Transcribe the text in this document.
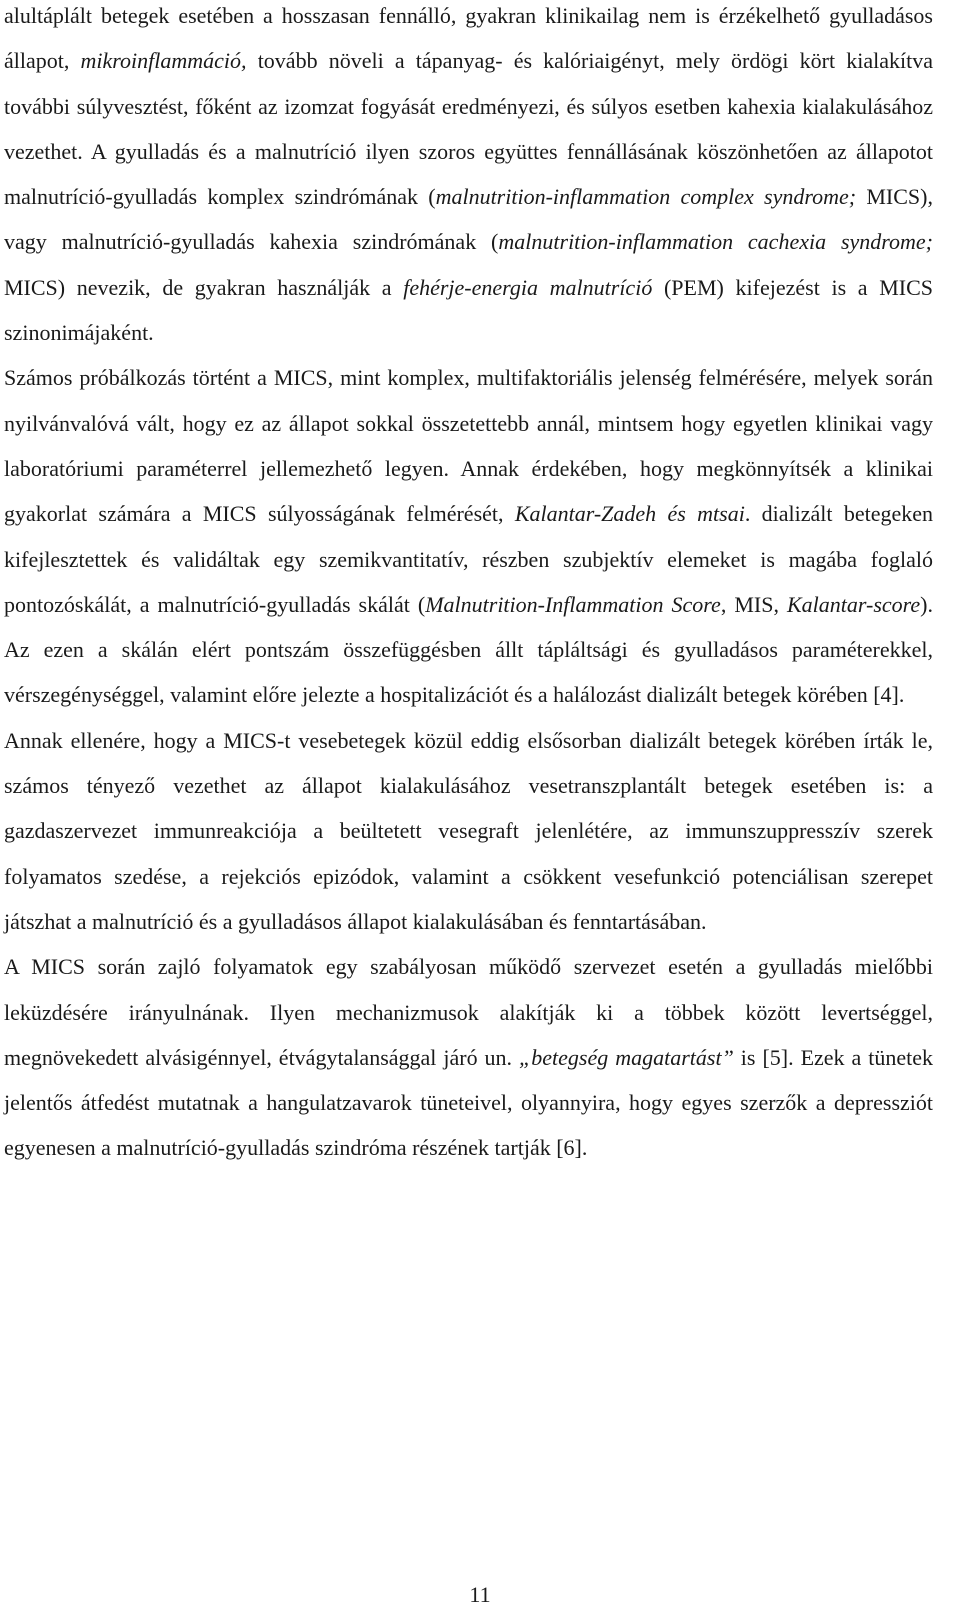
alultáplált betegek esetében a hosszasan fennálló, gyakran klinikailag nem is érzékelhető gyulladásos állapot, mikroinflammáció, tovább növeli a tápanyag- és kalóriaigényt, mely ördögi kört kialakítva további súlyvesztést, főként az izomzat fogyását eredményezi, és súlyos esetben kahexia kialakulásához vezethet. A gyulladás és a malnutríció ilyen szoros együttes fennállásának köszönhetően az állapotot malnutríció-gyulladás komplex szindrómának (malnutrition-inflammation complex syndrome; MICS), vagy malnutríció-gyulladás kahexia szindrómának (malnutrition-inflammation cachexia syndrome; MICS) nevezik, de gyakran használják a fehérje-energia malnutríció (PEM) kifejezést is a MICS szinonimájaként.

Számos próbálkozás történt a MICS, mint komplex, multifaktoriális jelenség felmérésére, melyek során nyilvánvalóvá vált, hogy ez az állapot sokkal összetettebb annál, mintsem hogy egyetlen klinikai vagy laboratóriumi paraméterrel jellemezhető legyen. Annak érdekében, hogy megkönnyítsék a klinikai gyakorlat számára a MICS súlyosságának felmérését, Kalantar-Zadeh és mtsai. dializált betegeken kifejlesztettek és validáltak egy szemikvantitatív, részben szubjektív elemeket is magába foglaló pontozóskálát, a malnutríció-gyulladás skálát (Malnutrition-Inflammation Score, MIS, Kalantar-score). Az ezen a skálán elért pontszám összefüggésben állt tápláltsági és gyulladásos paraméterekkel, vérszegénységgel, valamint előre jelezte a hospitalizációt és a halálozást dializált betegek körében [4].

Annak ellenére, hogy a MICS-t vesebetegek közül eddig elsősorban dializált betegek körében írták le, számos tényező vezethet az állapot kialakulásához vesetranszplantált betegek esetében is: a gazdaszervezet immunreakciója a beültetett vesegraft jelenlétére, az immunszuppresszív szerek folyamatos szedése, a rejekciós epizódok, valamint a csökkent vesefunkció potenciálisan szerepet játszhat a malnutríció és a gyulladásos állapot kialakulásában és fenntartásában.

A MICS során zajló folyamatok egy szabályosan működő szervezet esetén a gyulladás mielőbbi leküzdésére irányulnának. Ilyen mechanizmusok alakítják ki a többek között levertséggel, megnövekedett alvásigénnyel, étvágytalansággal járó un. „betegség magatartást” is [5]. Ezek a tünetek jelentős átfedést mutatnak a hangulatzavarok tüneteivel, olyannyira, hogy egyes szerzők a depressziót egyenesen a malnutríció-gyulladás szindróma részének tartják [6].

11
